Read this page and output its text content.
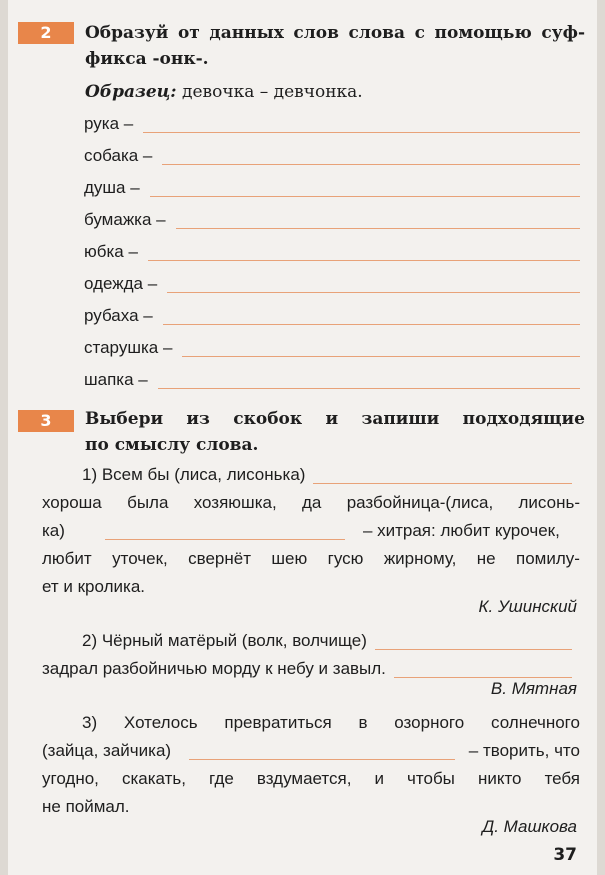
2	Образуй от данных слов слова с помощью суф-
фикса -онк-.
Образец: девочка – девчонка.
рука –
собака –
душа –
бумажка –
юбка –
одежда –
рубаха –
старушка –
шапка –
3	Выбери из скобок и запиши подходящие
по смыслу слова.
1) Всем бы (лиса, лисонька)
хороша была хозяюшка, да разбойница-(лиса, лисонь-
ка)	– хитрая: любит курочек,
любит уточек, свернёт шею гусю жирному, не помилу-
ет и кролика.
К. Ушинский
2) Чёрный матёрый (волк, волчище)
задрал разбойничью морду к небу и завыл.
В. Мятная
3) Хотелось превратиться в озорного солнечного
(зайца, зайчика)	– творить, что
угодно, скакать, где вздумается, и чтобы никто тебя
не поймал.
Д. Машкова
37
